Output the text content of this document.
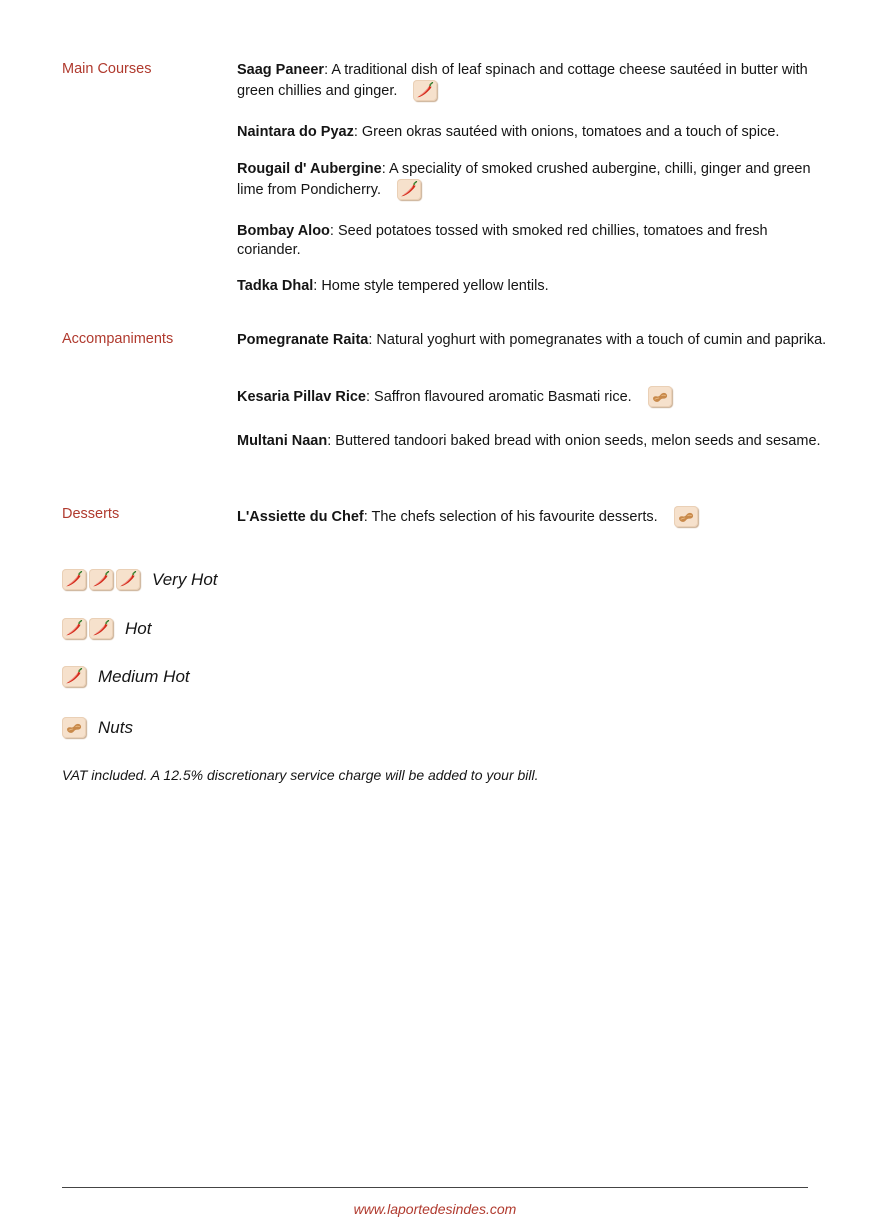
Main Courses	Saag Paneer: A traditional dish of leaf spinach and cottage cheese sautéed in butter with green chillies and ginger.
Naintara do Pyaz: Green okras sautéed with onions, tomatoes and a touch of spice.
Rougail d' Aubergine: A speciality of smoked crushed aubergine, chilli, ginger and green lime from Pondicherry.
Bombay Aloo: Seed potatoes tossed with smoked red chillies, tomatoes and fresh coriander.
Tadka Dhal: Home style tempered yellow lentils.
Accompaniments	Pomegranate Raita: Natural yoghurt with pomegranates with a touch of cumin and paprika.
Kesaria Pillav Rice: Saffron flavoured aromatic Basmati rice.
Multani Naan: Buttered tandoori baked bread with onion seeds, melon seeds and sesame.
Desserts	L'Assiette du Chef: The chefs selection of his favourite desserts.
Very Hot
Hot
Medium Hot
Nuts
VAT included. A 12.5% discretionary service charge will be added to your bill.
www.laportedesindes.com
